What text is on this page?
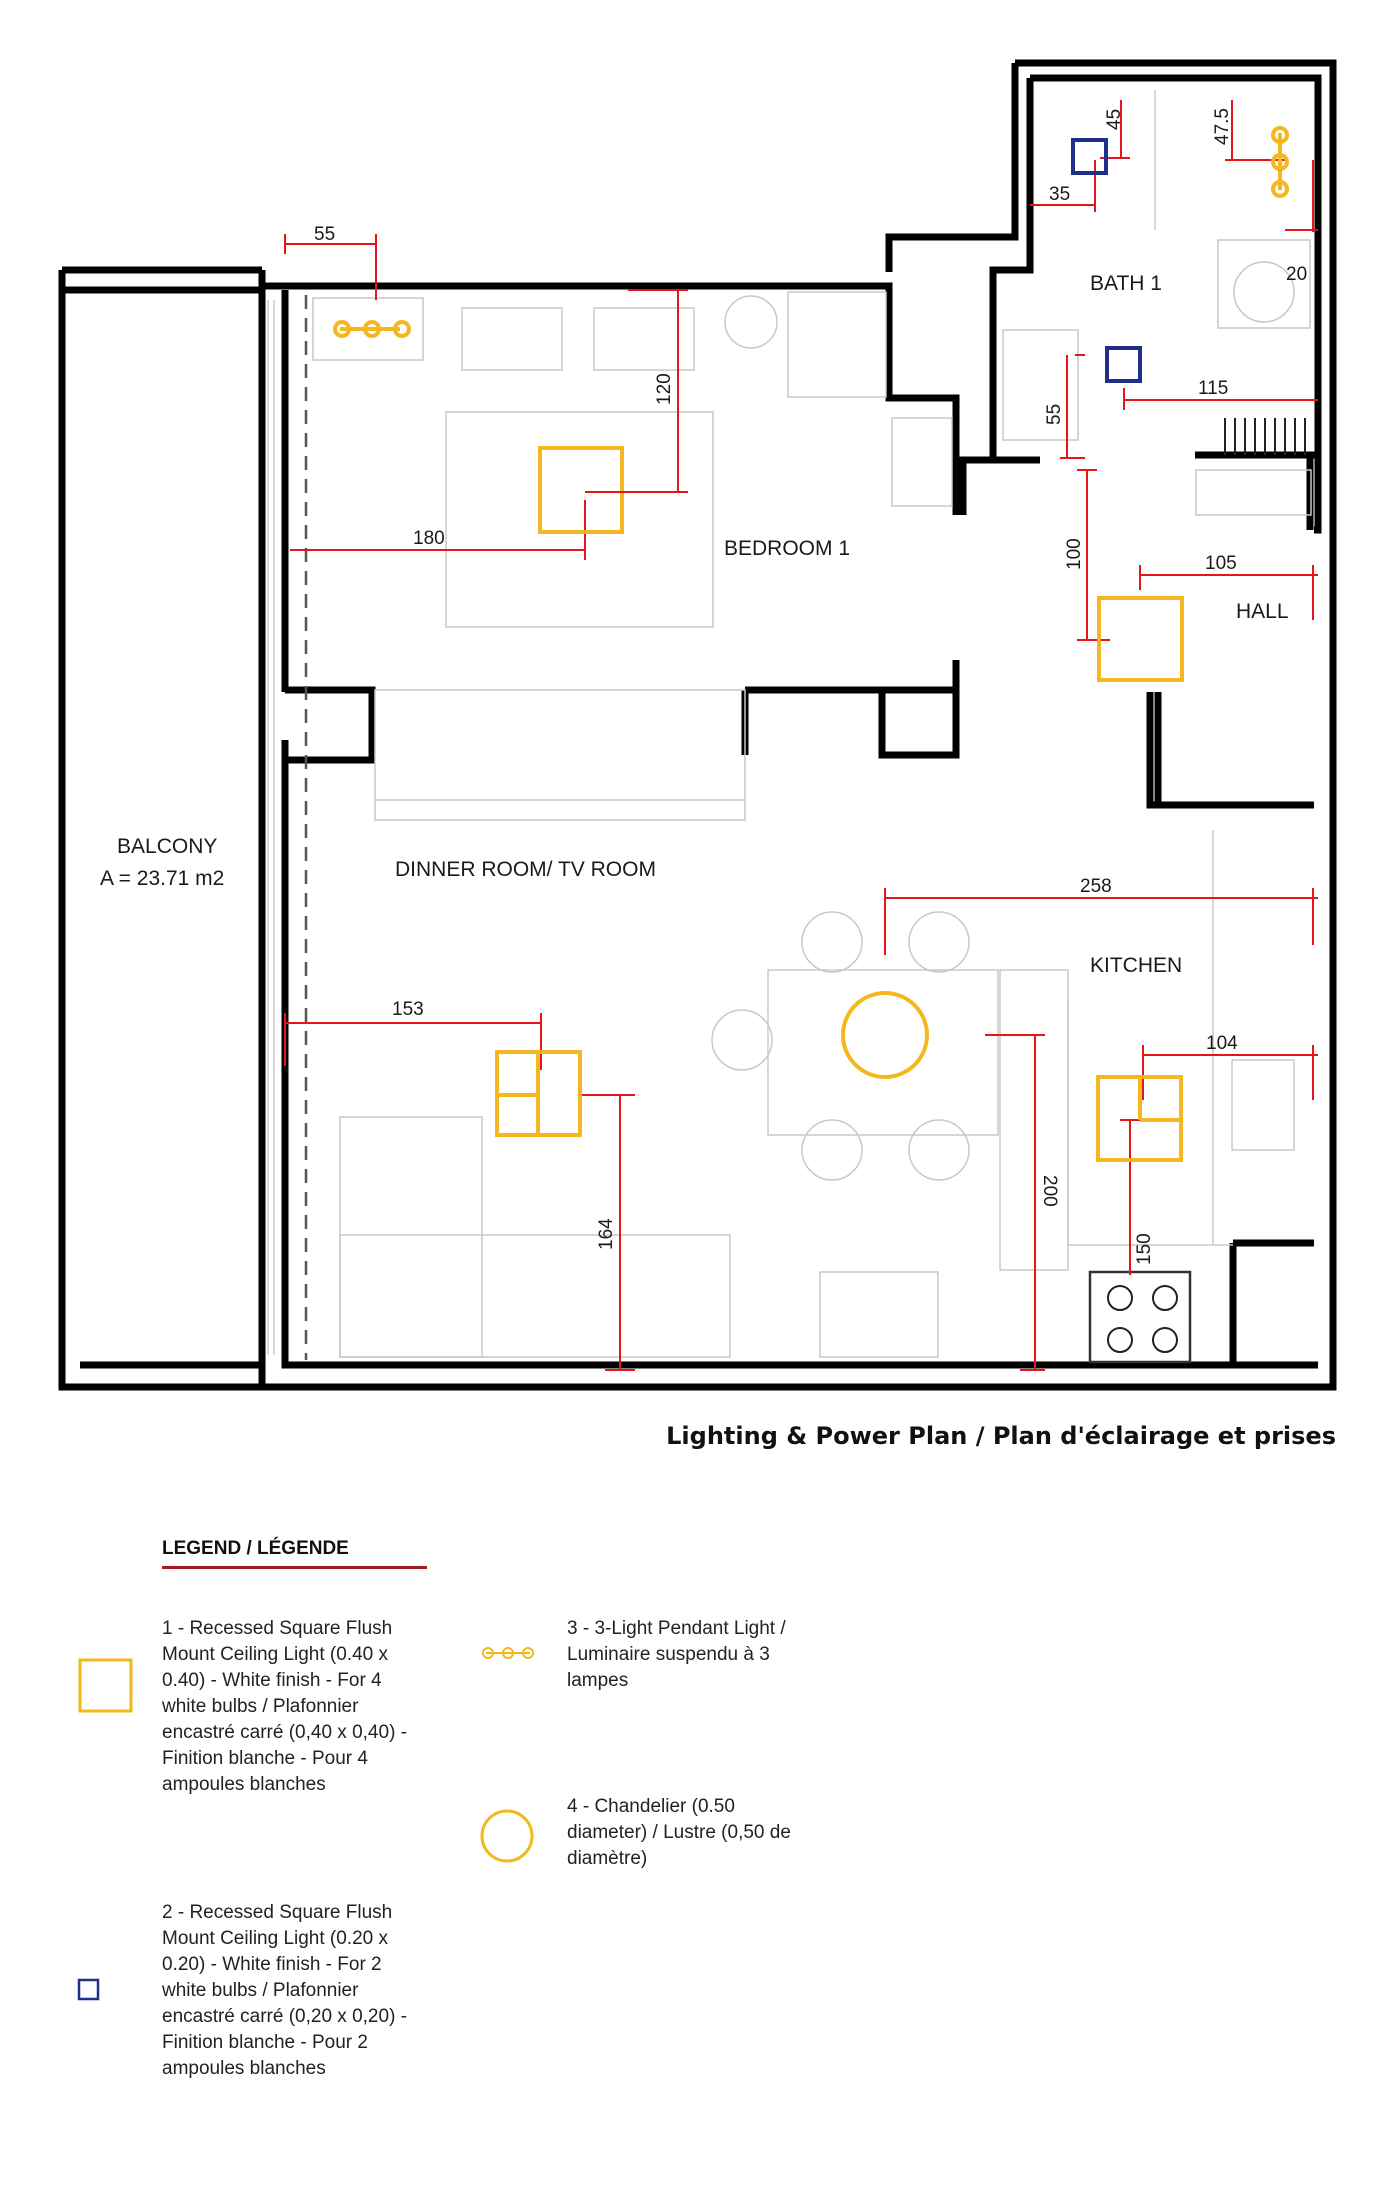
BATH 1
BEDROOM 1
HALL
BALCONY
A = 23.71 m2	DINNER ROOM/ TV ROOM
KITCHEN
55
120
180
45	47.5
35
20
55
115
100	105
258
153
104
164
200
150
Lighting & Power Plan / Plan d'éclairage et prises
LEGEND / LÉGENDE
1 - Recessed Square Flush Mount Ceiling Light (0.40 x 0.40) - White finish - For 4 white bulbs / Plafonnier encastré carré (0,40 x 0,40) - Finition blanche - Pour 4 ampoules blanches
2 - Recessed Square Flush Mount Ceiling Light (0.20 x 0.20) - White finish - For 2 white bulbs / Plafonnier encastré carré (0,20 x 0,20) - Finition blanche - Pour 2 ampoules blanches
3 - 3-Light Pendant Light / Luminaire suspendu à 3 lampes
4 - Chandelier (0.50 diameter) / Lustre (0,50 de diamètre)
